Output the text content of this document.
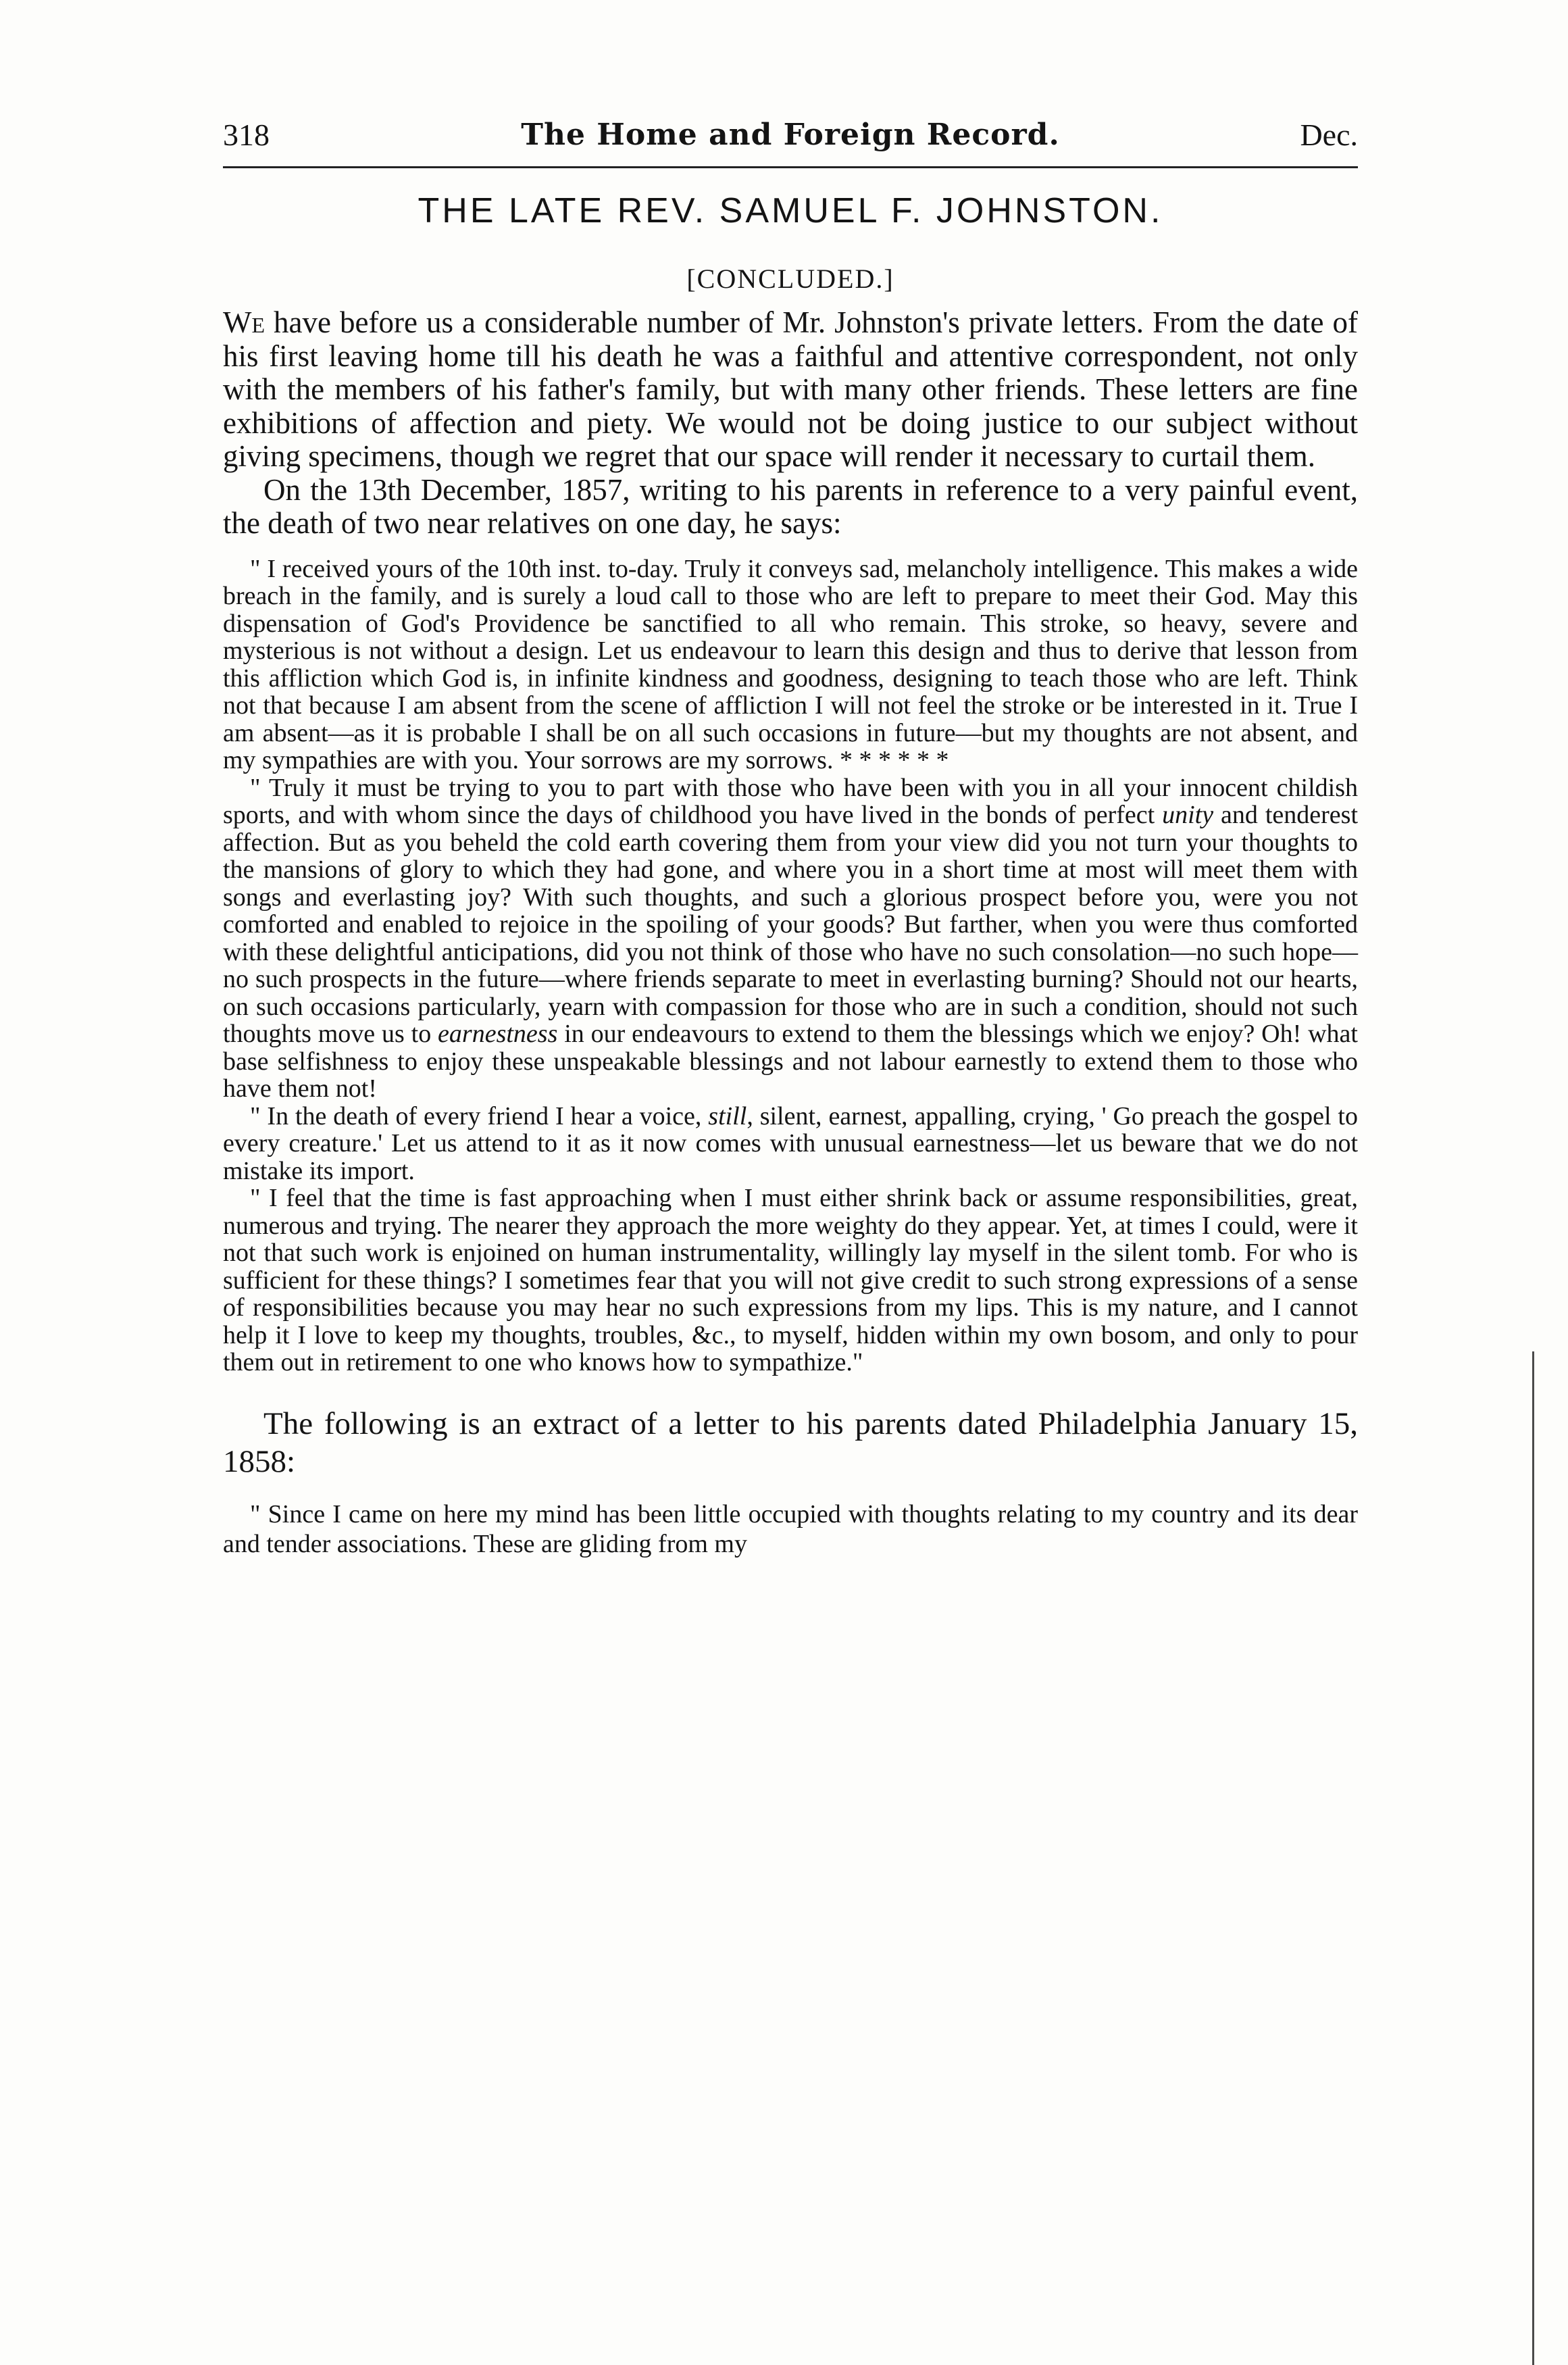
318	The Home and Foreign Record.	Dec.
THE LATE REV. SAMUEL F. JOHNSTON.
[CONCLUDED.]

We have before us a considerable number of Mr. Johnston's private letters. From the date of his first leaving home till his death he was a faithful and attentive correspondent, not only with the members of his father's family, but with many other friends. These letters are fine exhibitions of affection and piety. We would not be doing justice to our subject without giving specimens, though we regret that our space will render it necessary to curtail them.

On the 13th December, 1857, writing to his parents in reference to a very painful event, the death of two near relatives on one day, he says:

" I received yours of the 10th inst. to-day. Truly it conveys sad, melancholy intelligence. This makes a wide breach in the family, and is surely a loud call to those who are left to prepare to meet their God. May this dispensation of God's Providence be sanctified to all who remain. This stroke, so heavy, severe and mysterious is not without a design. Let us endeavour to learn this design and thus to derive that lesson from this affliction which God is, in infinite kindness and goodness, designing to teach those who are left. Think not that because I am absent from the scene of affliction I will not feel the stroke or be interested in it. True I am absent—as it is probable I shall be on all such occasions in future—but my thoughts are not absent, and my sympathies are with you. Your sorrows are my sorrows. * * * * * *

" Truly it must be trying to you to part with those who have been with you in all your innocent childish sports, and with whom since the days of childhood you have lived in the bonds of perfect unity and tenderest affection. But as you beheld the cold earth covering them from your view did you not turn your thoughts to the mansions of glory to which they had gone, and where you in a short time at most will meet them with songs and everlasting joy? With such thoughts, and such a glorious prospect before you, were you not comforted and enabled to rejoice in the spoiling of your goods? But farther, when you were thus comforted with these delightful anticipations, did you not think of those who have no such consolation—no such hope—no such prospects in the future—where friends separate to meet in everlasting burning? Should not our hearts, on such occasions particularly, yearn with compassion for those who are in such a condition, should not such thoughts move us to earnestness in our endeavours to extend to them the blessings which we enjoy? Oh! what base selfishness to enjoy these unspeakable blessings and not labour earnestly to extend them to those who have them not!

" In the death of every friend I hear a voice, still, silent, earnest, appalling, crying, ' Go preach the gospel to every creature.' Let us attend to it as it now comes with unusual earnestness—let us beware that we do not mistake its import.

" I feel that the time is fast approaching when I must either shrink back or assume responsibilities, great, numerous and trying. The nearer they approach the more weighty do they appear. Yet, at times I could, were it not that such work is enjoined on human instrumentality, willingly lay myself in the silent tomb. For who is sufficient for these things? I sometimes fear that you will not give credit to such strong expressions of a sense of responsibilities because you may hear no such expressions from my lips. This is my nature, and I cannot help it I love to keep my thoughts, troubles, &c., to myself, hidden within my own bosom, and only to pour them out in retirement to one who knows how to sympathize."

The following is an extract of a letter to his parents dated Philadelphia January 15, 1858:
" Since I came on here my mind has been little occupied with thoughts relating to my country and its dear and tender associations. These are gliding from my
